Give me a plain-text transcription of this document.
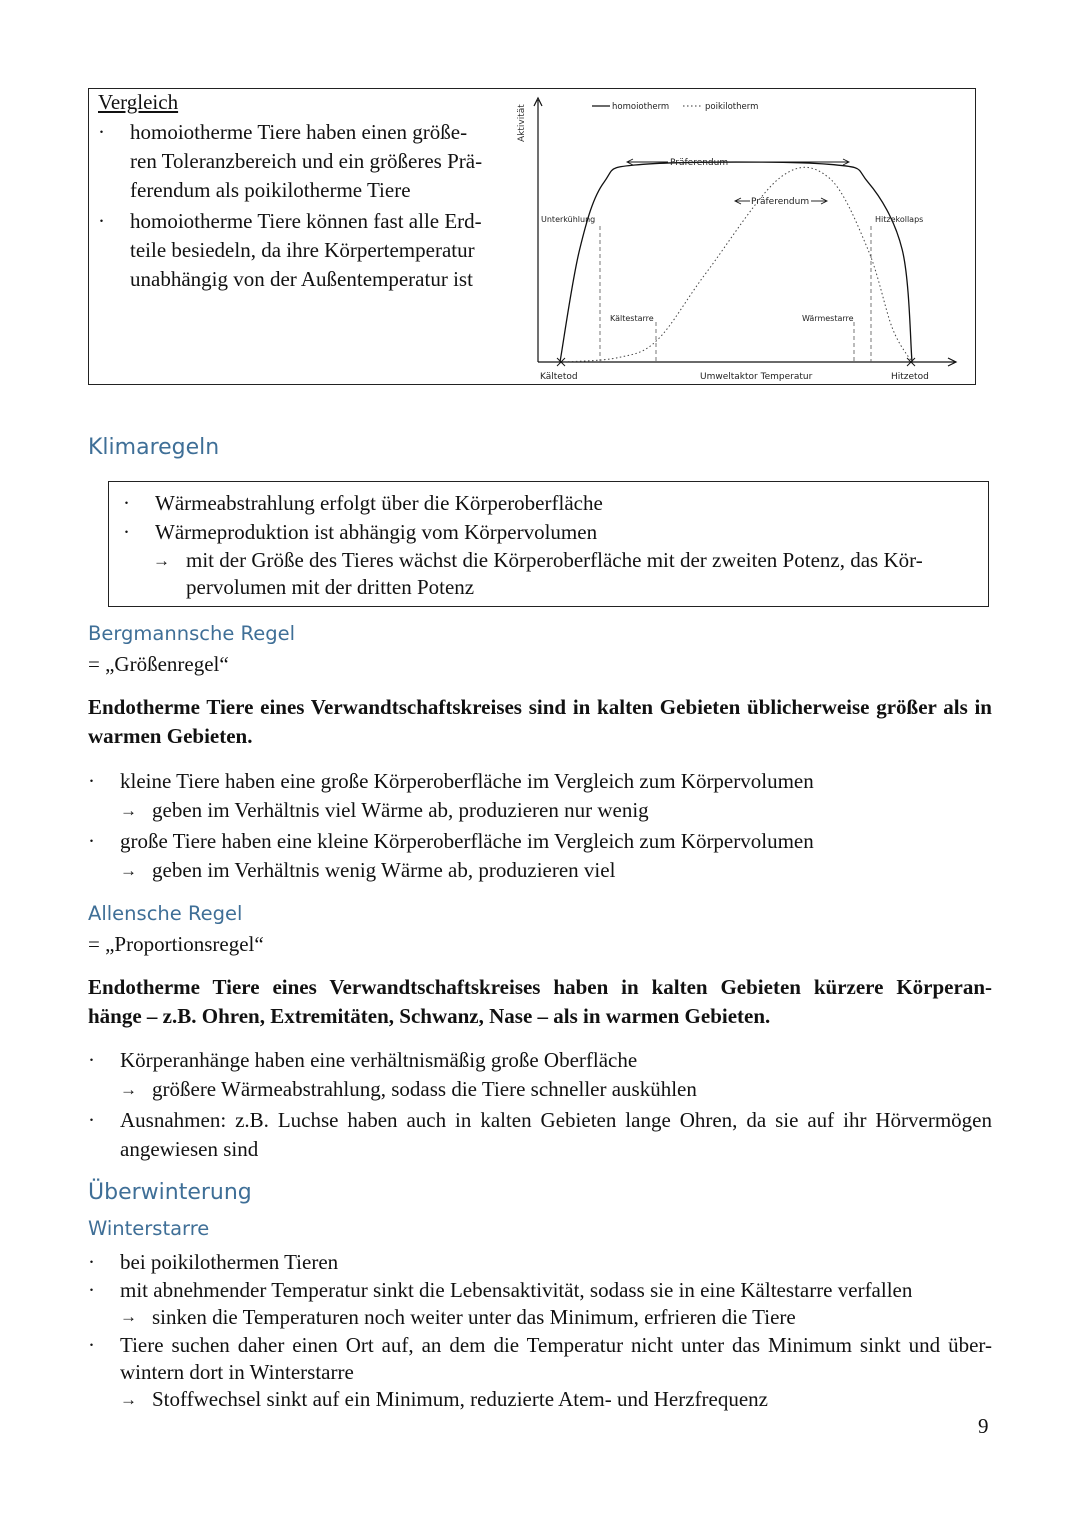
Vergleich
· homoiotherme Tiere haben einen größe-
ren Toleranzbereich und ein größeres Prä-
ferendum als poikilotherme Tiere
· homoiotherme Tiere können fast alle Erd-
teile besiedeln, da ihre Körpertemperatur
unabhängig von der Außentemperatur ist
Aktivität	homoiotherm	poikilotherm
Präferendum
Präferendum
Unterkühlung	Hitzekollaps
Kältestarre	Wärmestarre
Kältetod	Umweltaktor Temperatur	Hitzetod
Klimaregeln
· Wärmeabstrahlung erfolgt über die Körperoberfläche
· Wärmeproduktion ist abhängig vom Körpervolumen
→ mit der Größe des Tieres wächst die Körperoberfläche mit der zweiten Potenz, das Kör-
pervolumen mit der dritten Potenz
Bergmannsche Regel
= „Größenregel“
Endotherme Tiere eines Verwandtschaftskreises sind in kalten Gebieten üblicherweise größer als in warmen Gebieten.
· kleine Tiere haben eine große Körperoberfläche im Vergleich zum Körpervolumen
→ geben im Verhältnis viel Wärme ab, produzieren nur wenig
· große Tiere haben eine kleine Körperoberfläche im Vergleich zum Körpervolumen
→ geben im Verhältnis wenig Wärme ab, produzieren viel
Allensche Regel
= „Proportionsregel“
Endotherme Tiere eines Verwandtschaftskreises haben in kalten Gebieten kürzere Körperan-
hänge – z.B. Ohren, Extremitäten, Schwanz, Nase – als in warmen Gebieten.
· Körperanhänge haben eine verhältnismäßig große Oberfläche
→ größere Wärmeabstrahlung, sodass die Tiere schneller auskühlen
· Ausnahmen: z.B. Luchse haben auch in kalten Gebieten lange Ohren, da sie auf ihr Hörvermögen angewiesen sind
Überwinterung
Winterstarre
· bei poikilothermen Tieren
· mit abnehmender Temperatur sinkt die Lebensaktivität, sodass sie in eine Kältestarre verfallen
→ sinken die Temperaturen noch weiter unter das Minimum, erfrieren die Tiere
· Tiere suchen daher einen Ort auf, an dem die Temperatur nicht unter das Minimum sinkt und über-
wintern dort in Winterstarre
→ Stoffwechsel sinkt auf ein Minimum, reduzierte Atem- und Herzfrequenz
9
